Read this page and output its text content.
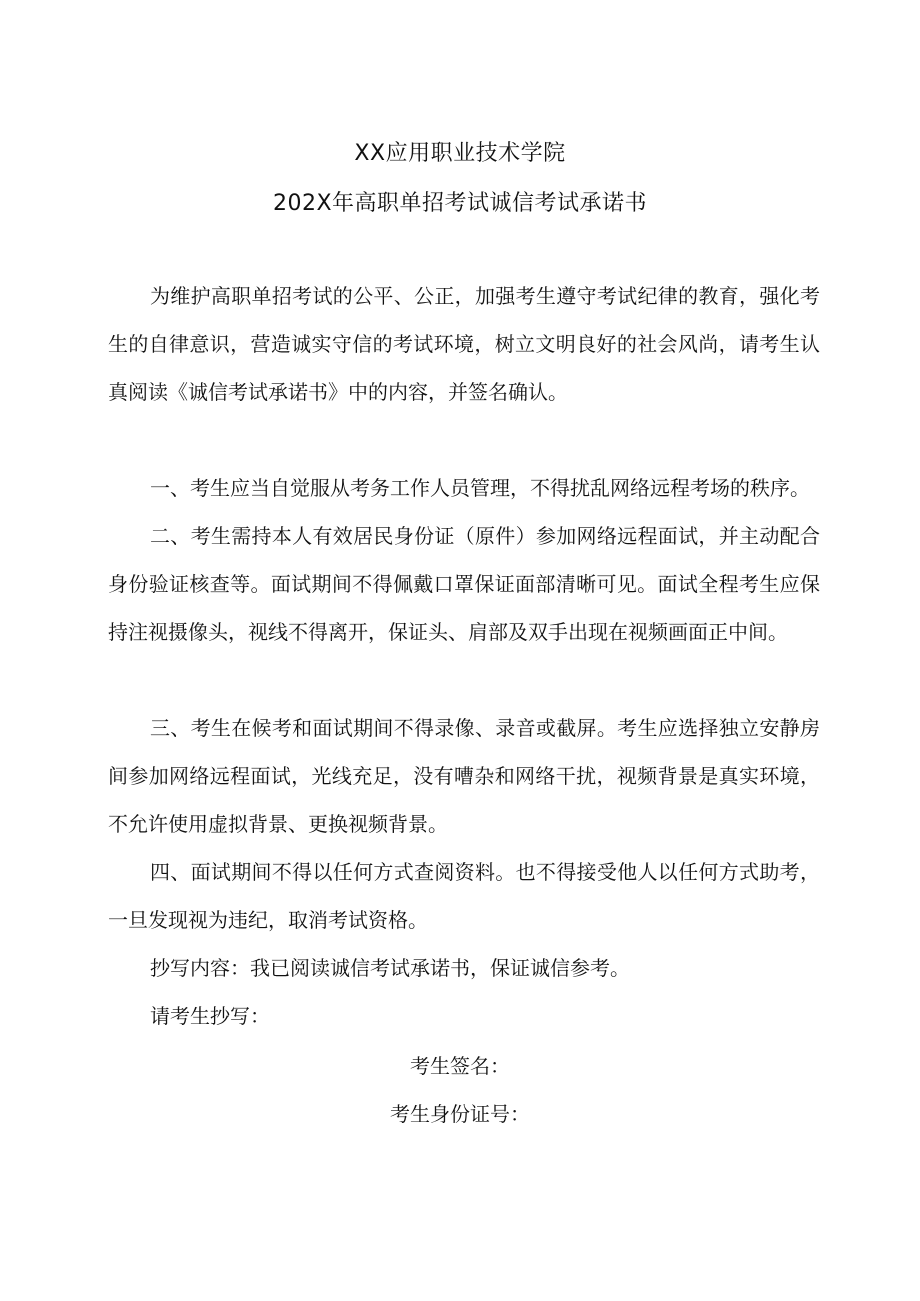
XX应用职业技术学院
202X年高职单招考试诚信考试承诺书

为维护高职单招考试的公平、公正，加强考生遵守考试纪律的教育，强化考生的自律意识，营造诚实守信的考试环境，树立文明良好的社会风尚，请考生认真阅读《诚信考试承诺书》中的内容，并签名确认。

一、考生应当自觉服从考务工作人员管理，不得扰乱网络远程考场的秩序。

二、考生需持本人有效居民身份证（原件）参加网络远程面试，并主动配合身份验证核查等。面试期间不得佩戴口罩保证面部清晰可见。面试全程考生应保持注视摄像头，视线不得离开，保证头、肩部及双手出现在视频画面正中间。

三、考生在候考和面试期间不得录像、录音或截屏。考生应选择独立安静房间参加网络远程面试，光线充足，没有嘈杂和网络干扰，视频背景是真实环境，不允许使用虚拟背景、更换视频背景。

四、面试期间不得以任何方式查阅资料。也不得接受他人以任何方式助考，一旦发现视为违纪，取消考试资格。

抄写内容：我已阅读诚信考试承诺书，保证诚信参考。

请考生抄写：

考生签名：
考生身份证号：
